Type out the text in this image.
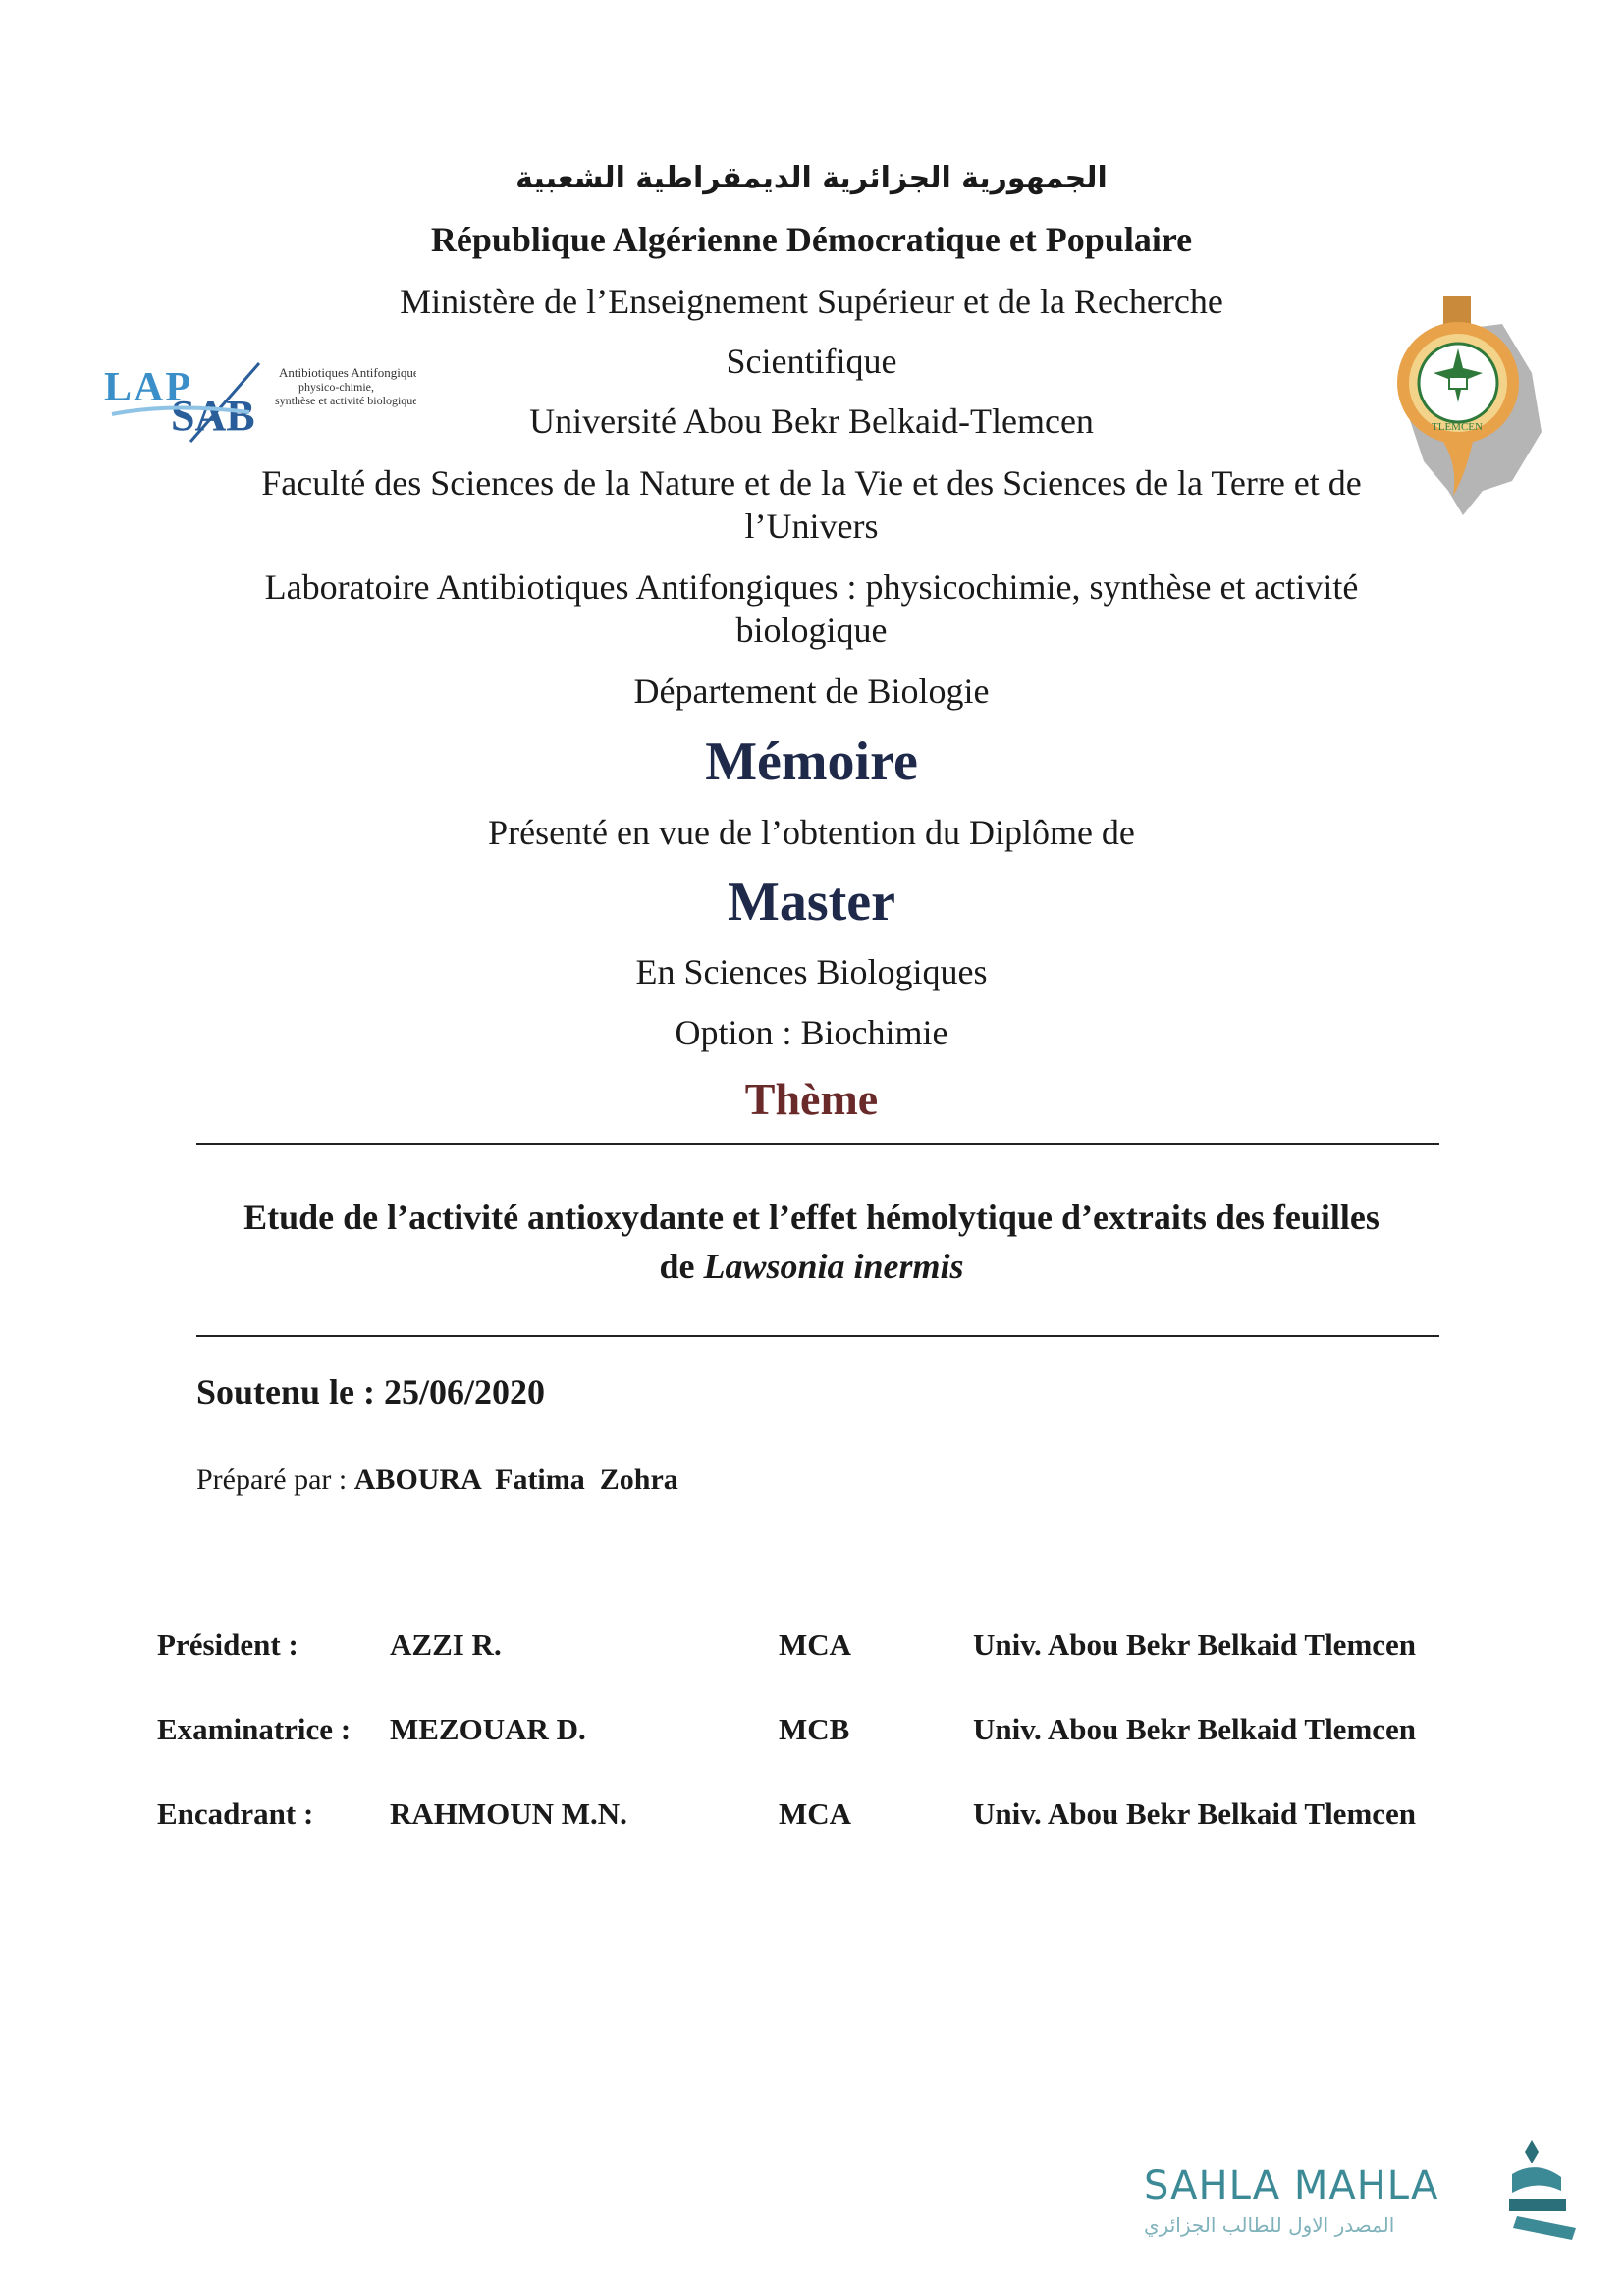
LAP
SAB
Antibiotiques Antifongiques:
physico-chimie,
synthèse et activité biologique
TLEMCEN
الجمهورية الجزائرية الديمقراطية الشعبية
République Algérienne Démocratique et Populaire
Ministère de l’Enseignement Supérieur et de la Recherche
Scientifique
Université Abou Bekr Belkaid-Tlemcen
Faculté des Sciences de la Nature et de la Vie et des Sciences de la Terre et de
l’Univers
Laboratoire Antibiotiques Antifongiques : physicochimie, synthèse et activité
biologique
Département de Biologie
Mémoire
Présenté en vue de l’obtention du Diplôme de
Master
En Sciences Biologiques
Option : Biochimie
Thème
Etude de l’activité antioxydante et l’effet hémolytique d’extraits des feuilles
de Lawsonia inermis
Soutenu le : 25/06/2020
Préparé par : ABOURA  Fatima  Zohra
Président :	AZZI R.	MCA	Univ. Abou Bekr Belkaid Tlemcen
Examinatrice : MEZOUAR D.	MCB	Univ. Abou Bekr Belkaid Tlemcen
Encadrant :	RAHMOUN M.N.	MCA	Univ. Abou Bekr Belkaid Tlemcen
SAHLA MAHLA
المصدر الاول للطالب الجزائري
